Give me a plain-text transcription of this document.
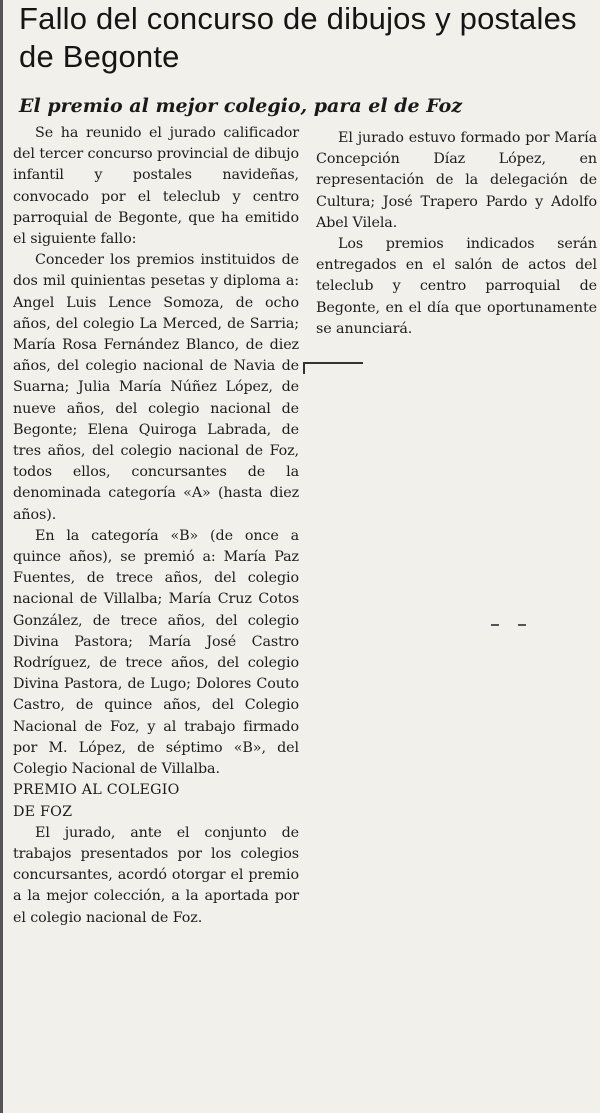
Fallo del concurso de dibujos y postales de Begonte
El premio al mejor colegio, para el de Foz

Se ha reunido el jurado calificador del tercer concurso provincial de dibujo infantil y postales navideñas, convocado por el teleclub y centro parroquial de Begonte, que ha emitido el siguiente fallo:

Conceder los premios instituidos de dos mil quinientas pesetas y diploma a: Angel Luis Lence Somoza, de ocho años, del colegio La Merced, de Sarria; María Rosa Fernández Blanco, de diez años, del colegio nacional de Navia de Suarna; Julia María Núñez López, de nueve años, del colegio nacional de Begonte; Elena Quiroga Labrada, de tres años, del colegio nacional de Foz, todos ellos, concursantes de la denominada categoría «A» (hasta diez años).

En la categoría «B» (de once a quince años), se premió a: María Paz Fuentes, de trece años, del colegio nacional de Villalba; María Cruz Cotos González, de trece años, del colegio Divina Pastora; María José Castro Rodríguez, de trece años, del colegio Divina Pastora, de Lugo; Dolores Couto Castro, de quince años, del Colegio Nacional de Foz, y al trabajo firmado por M. López, de séptimo «B», del Colegio Nacional de Villalba.

PREMIO AL COLEGIO
DE FOZ

El jurado, ante el conjunto de trabajos presentados por los colegios concursantes, acordó otorgar el premio a la mejor colección, a la aportada por el colegio nacional de Foz.

El jurado estuvo formado por María Concepción Díaz López, en representación de la delegación de Cultura; José Trapero Pardo y Adolfo Abel Vilela.

Los premios indicados serán entregados en el salón de actos del teleclub y centro parroquial de Begonte, en el día que oportunamente se anunciará.
